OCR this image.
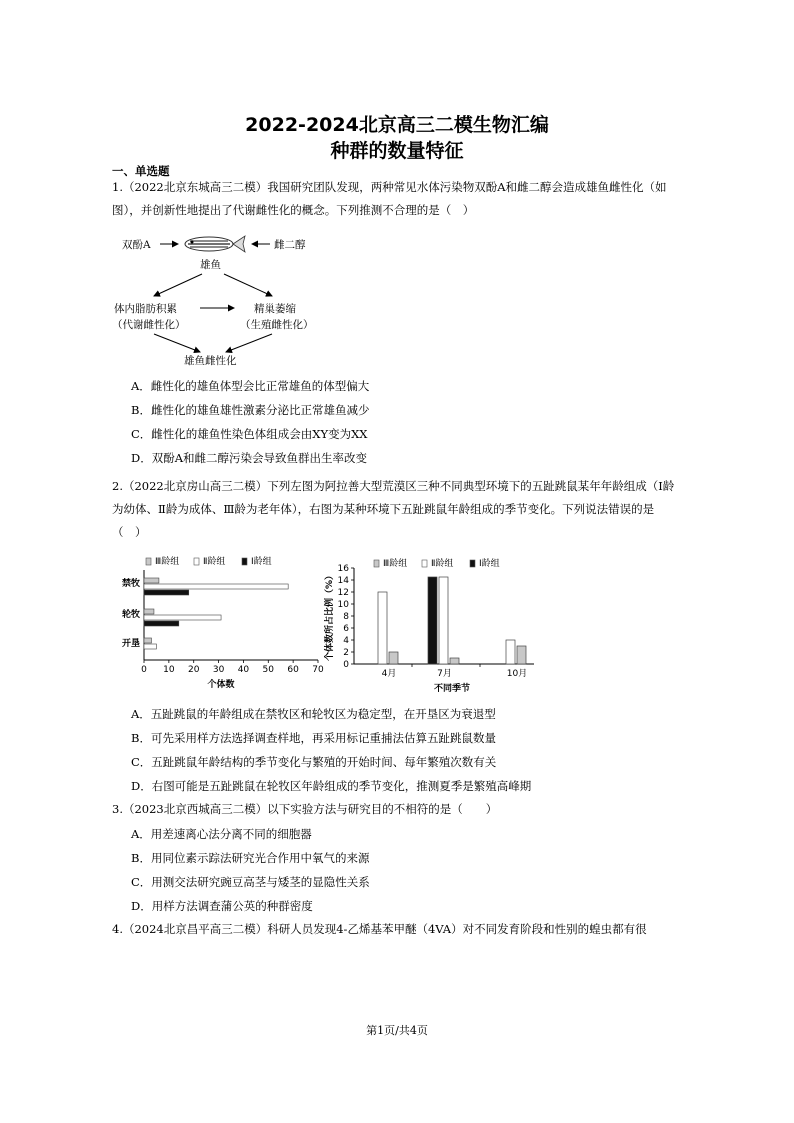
2022-2024北京高三二模生物汇编
种群的数量特征
一、单选题
1.（2022北京东城高三二模）我国研究团队发现，两种常见水体污染物双酚A和雌二醇会造成雄鱼雌性化（如图），并创新性地提出了代谢雌性化的概念。下列推测不合理的是（　）
双酚A	雌二醇
雄鱼
体内脂肪积累
（代谢雌性化）
精巢萎缩
（生殖雌性化）
雄鱼雌性化
A．雌性化的雄鱼体型会比正常雄鱼的体型偏大
B．雌性化的雄鱼雄性激素分泌比正常雄鱼减少
C．雌性化的雄鱼性染色体组成会由XY变为XX
D．双酚A和雌二醇污染会导致鱼群出生率改变
2.（2022北京房山高三二模）下列左图为阿拉善大型荒漠区三种不同典型环境下的五趾跳鼠某年年龄组成（Ⅰ龄为幼体、Ⅱ龄为成体、Ⅲ龄为老年体），右图为某种环境下五趾跳鼠年龄组成的季节变化。下列说法错误的是（　）
Ⅲ龄组	Ⅱ龄组	Ⅰ龄组
0 10 20 30 40 50 60 70
禁牧
轮牧
开垦
个体数
Ⅲ龄组	Ⅱ龄组	Ⅰ龄组
0
2
4
6
8
10
12
14
16
个体数所占比例（%）
4月	7月	10月
不同季节
A．五趾跳鼠的年龄组成在禁牧区和轮牧区为稳定型，在开垦区为衰退型
B．可先采用样方法选择调查样地，再采用标记重捕法估算五趾跳鼠数量
C．五趾跳鼠年龄结构的季节变化与繁殖的开始时间、每年繁殖次数有关
D．右图可能是五趾跳鼠在轮牧区年龄组成的季节变化，推测夏季是繁殖高峰期
3.（2023北京西城高三二模）以下实验方法与研究目的不相符的是（　　）
A．用差速离心法分离不同的细胞器
B．用同位素示踪法研究光合作用中氧气的来源
C．用测交法研究豌豆高茎与矮茎的显隐性关系
D．用样方法调查蒲公英的种群密度
4.（2024北京昌平高三二模）科研人员发现4-乙烯基苯甲醚（4VA）对不同发育阶段和性别的蝗虫都有很
第1页/共4页
